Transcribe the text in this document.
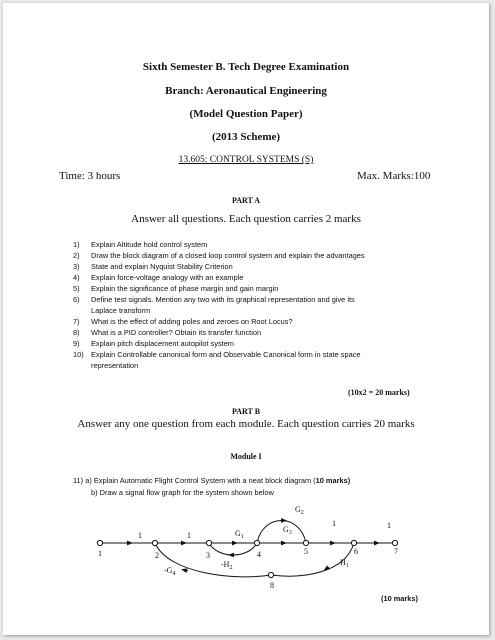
Sixth Semester B. Tech Degree Examination
Branch: Aeronautical Engineering
(Model Question Paper)
(2013 Scheme)
13.605: CONTROL SYSTEMS (S)
Time: 3 hours	Max. Marks:100
PART A
Answer all questions. Each question carries 2 marks
1) Explain Altitude hold control system
2) Draw the block diagram of a closed loop control system and explain the advantages
3) State and explain Nyquist Stability Criterion
4) Explain force-voltage analogy with an example
5) Explain the significance of phase margin and gain margin
6) Define test signals. Mention any two with its graphical representation and give its
Laplace transform
7) What is the effect of adding poles and zeroes on Root Locus?
8) What is a PID controller? Obtain its transfer function
9) Explain pitch displacement autopilot system
10) Explain Controllable canonical form and Observable Canonical form in state space
representation
(10x2 = 20 marks)
PART B
Answer any one question from each module. Each question carries 20 marks
Module I
11) a) Explain Automatic Flight Control System with a neat block diagram (10 marks)
b) Draw a signal flow graph for the system shown below
1	2	3	4	5	6	7
8
1	1	$G_1$
$G_3$
$G_2$
1	1
$-H_2$
$H_1$
$-G_4$
(10 marks)
